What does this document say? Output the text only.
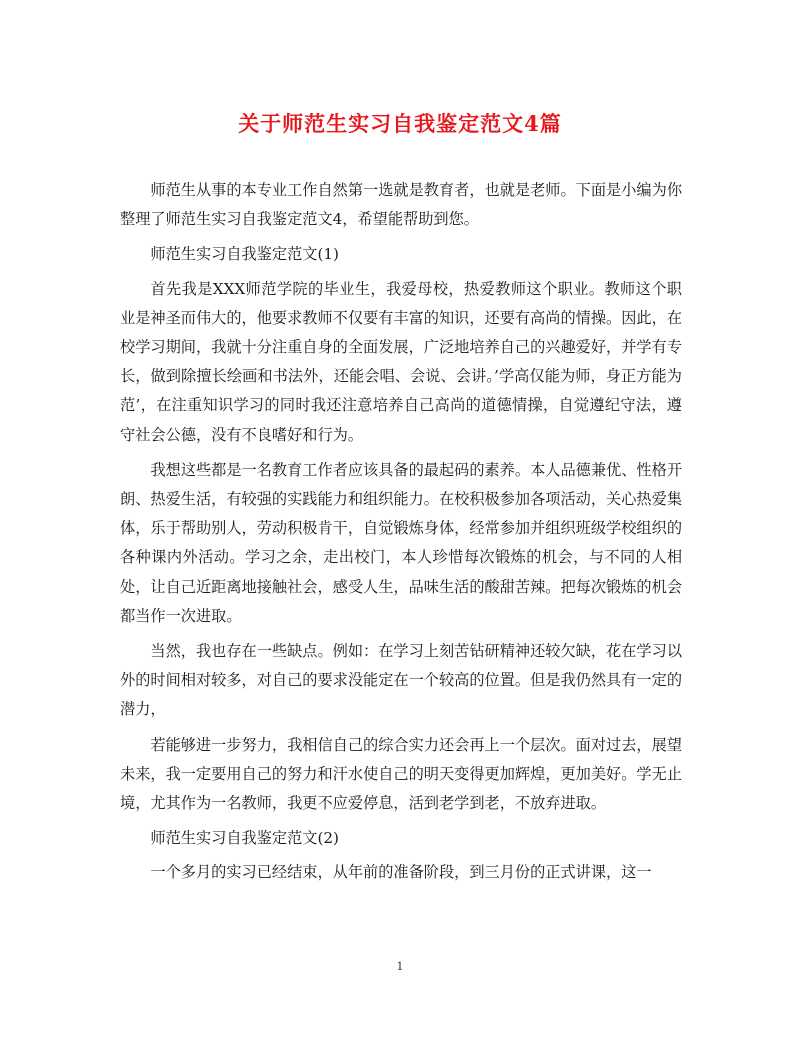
关于师范生实习自我鉴定范文4篇

师范生从事的本专业工作自然第一选就是教育者，也就是老师。下面是小编为你整理了师范生实习自我鉴定范文4，希望能帮助到您。

师范生实习自我鉴定范文(1)

首先我是XXX师范学院的毕业生，我爱母校，热爱教师这个职业。教师这个职业是神圣而伟大的，他要求教师不仅要有丰富的知识，还要有高尚的情操。因此，在校学习期间，我就十分注重自身的全面发展，广泛地培养自己的兴趣爱好，并学有专长，做到除擅长绘画和书法外，还能会唱、会说、会讲。’学高仅能为师，身正方能为范’，在注重知识学习的同时我还注意培养自己高尚的道德情操，自觉遵纪守法，遵守社会公德，没有不良嗜好和行为。

我想这些都是一名教育工作者应该具备的最起码的素养。本人品德兼优、性格开朗、热爱生活，有较强的实践能力和组织能力。在校积极参加各项活动，关心热爱集体，乐于帮助别人，劳动积极肯干，自觉锻炼身体，经常参加并组织班级学校组织的各种课内外活动。学习之余，走出校门，本人珍惜每次锻炼的机会，与不同的人相处，让自己近距离地接触社会，感受人生，品味生活的酸甜苦辣。把每次锻炼的机会都当作一次进取。

当然，我也存在一些缺点。例如：在学习上刻苦钻研精神还较欠缺，花在学习以外的时间相对较多，对自己的要求没能定在一个较高的位置。但是我仍然具有一定的潜力，

若能够进一步努力，我相信自己的综合实力还会再上一个层次。面对过去，展望未来，我一定要用自己的努力和汗水使自己的明天变得更加辉煌，更加美好。学无止境，尤其作为一名教师，我更不应爱停息，活到老学到老，不放弃进取。

师范生实习自我鉴定范文(2)

一个多月的实习已经结束，从年前的准备阶段，到三月份的正式讲课，这一

1
